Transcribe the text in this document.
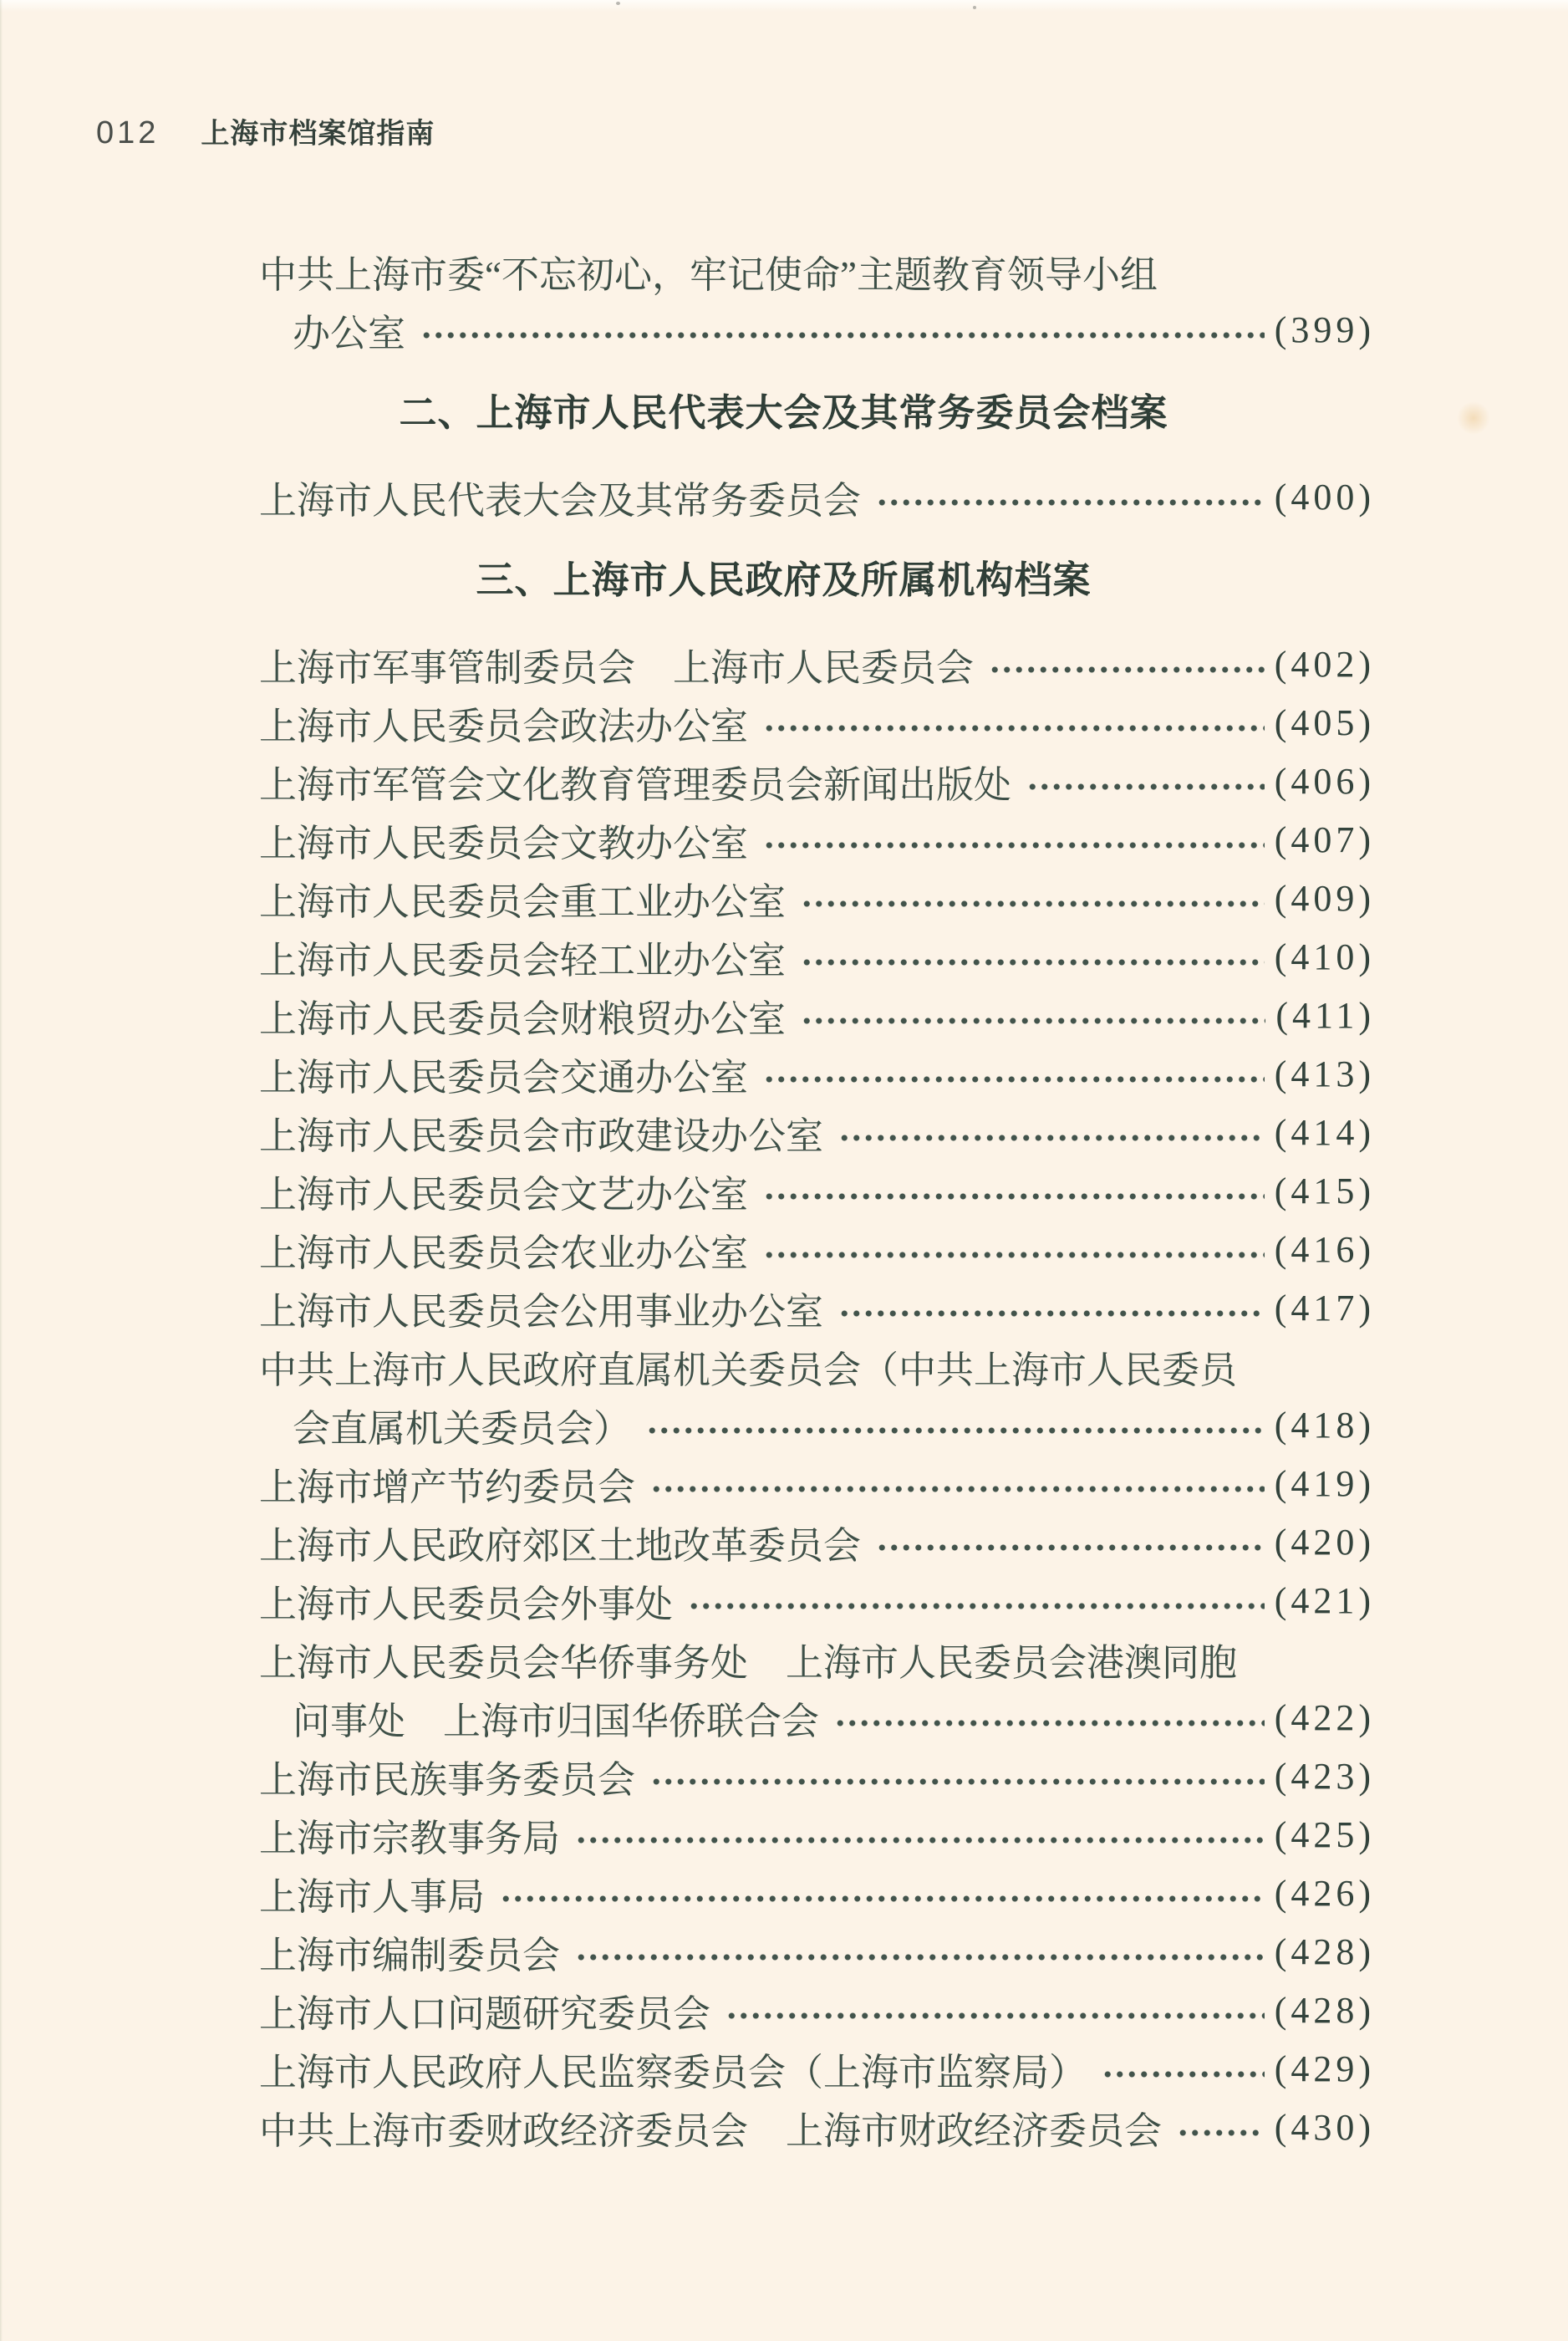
012 上海市档案馆指南
中共上海市委“不忘初心，牢记使命”主题教育领导小组
办公室	(399)
二、上海市人民代表大会及其常务委员会档案
上海市人民代表大会及其常务委员会	(400)
三、上海市人民政府及所属机构档案
上海市军事管制委员会　上海市人民委员会	(402)
上海市人民委员会政法办公室	(405)
上海市军管会文化教育管理委员会新闻出版处	(406)
上海市人民委员会文教办公室	(407)
上海市人民委员会重工业办公室	(409)
上海市人民委员会轻工业办公室	(410)
上海市人民委员会财粮贸办公室	(411)
上海市人民委员会交通办公室	(413)
上海市人民委员会市政建设办公室	(414)
上海市人民委员会文艺办公室	(415)
上海市人民委员会农业办公室	(416)
上海市人民委员会公用事业办公室	(417)
中共上海市人民政府直属机关委员会（中共上海市人民委员
会直属机关委员会）	(418)
上海市增产节约委员会	(419)
上海市人民政府郊区土地改革委员会	(420)
上海市人民委员会外事处	(421)
上海市人民委员会华侨事务处　上海市人民委员会港澳同胞
问事处　上海市归国华侨联合会	(422)
上海市民族事务委员会	(423)
上海市宗教事务局	(425)
上海市人事局	(426)
上海市编制委员会	(428)
上海市人口问题研究委员会	(428)
上海市人民政府人民监察委员会（上海市监察局）	(429)
中共上海市委财政经济委员会　上海市财政经济委员会	(430)
